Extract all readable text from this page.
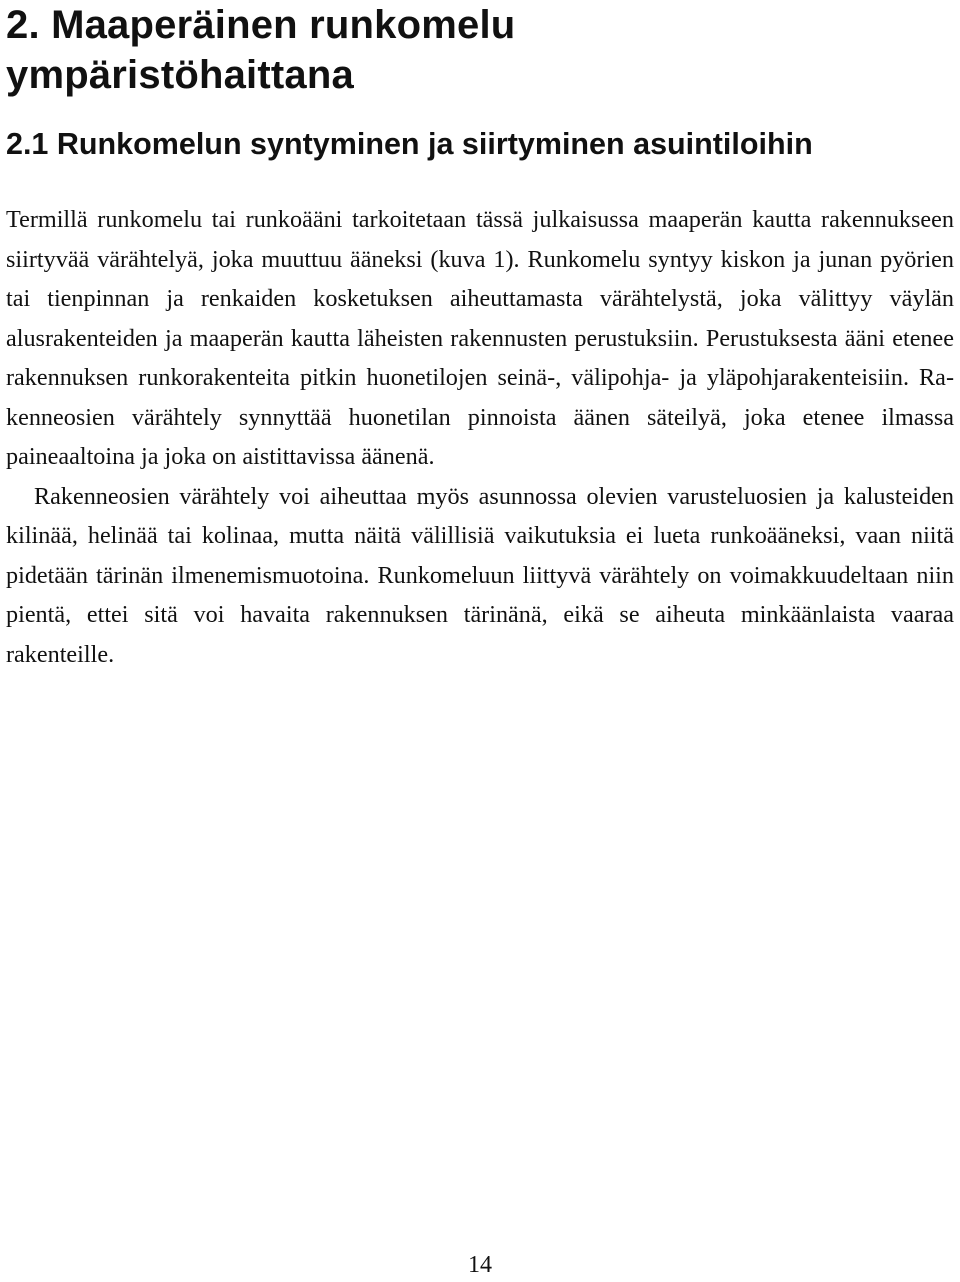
2. Maaperäinen runkomelu
ympäristöhaittana
2.1 Runkomelun syntyminen ja siirtyminen asuintiloihin

Termillä runkomelu tai runkoääni tarkoitetaan tässä julkaisussa maaperän kautta rakennukseen siirtyvää värähtelyä, joka muuttuu ääneksi (kuva 1). Runkomelu syntyy kiskon ja junan pyörien tai tienpinnan ja renkaiden kosketuksen aiheuttamasta värähtelystä, joka välittyy väylän alusrakenteiden ja maaperän kautta läheisten rakennusten perustuksiin. Perustuksesta ääni etenee rakennuksen runkorakenteita pitkin huonetilojen seinä-, välipohja- ja yläpohjarakenteisiin. Rakenneosien värähtely synnyttää huonetilan pinnoista äänen säteilyä, joka etenee ilmassa paineaaltoina ja joka on aistittavissa äänenä.

Rakenneosien värähtely voi aiheuttaa myös asunnossa olevien varusteluosien ja kalusteiden kilinää, helinää tai kolinaa, mutta näitä välillisiä vaikutuksia ei lueta runkoääneksi, vaan niitä pidetään tärinän ilmenemismuotoina. Runkomeluun liittyvä värähtely on voimakkuudeltaan niin pientä, ettei sitä voi havaita rakennuksen tärinänä, eikä se aiheuta minkäänlaista vaaraa rakenteille.

14
